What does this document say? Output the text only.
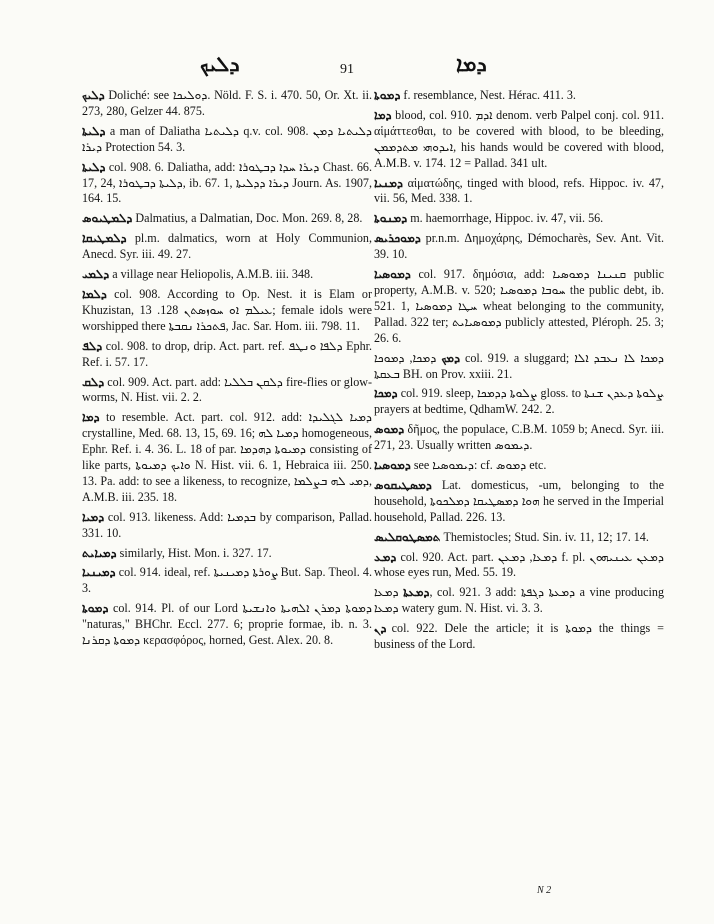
ܕܠܝܟ	91	ܕܡܐ
ܕܠܝܟ Doliché: see ܕܘܠܝܟܐ. Nöld. F. S. i. 470. 50, Or. Xt. ii. 273, 280, Gelzer 44. 875.
ܕܠܝܬܐ a man of Daliatha ܕܠܝܬܝܐ q.v. col. 908. ܕܠܝܬܝܐ ܕܡܢ ܕܝܪܐ Protection 54. 3.
ܕܠܝܬܐ col. 908. 6. Daliatha, add: ܕܝܪܐ ܚܕܐ ܕܒܛܘܪܐ Chast. 66. 17, 24, ܕܠܝܬܐ ܕܒܛܘܪܐ, ib. 67. 1, ܕܝܪܐ ܕܕܠܝܬܐ Journ. As. 1907, 164. 15.
ܕܠܡܛܝܘܣ Dalmatius, a Dalmatian, Doc. Mon. 269. 8, 28.
ܕܠܡܛܝܩܐ pl.m. dalmatics, worn at Holy Communion, Anecd. Syr. iii. 49. 27.
ܕܠܡܝ a village near Heliopolis, A.M.B. iii. 348.
ܕܠܡܐ col. 908. According to Op. Nest. it is Elam or Khuzistan, ܥܝܠܡ ܐܘ ܚܘܙܣܬܢ 128. 13; female idols were worshipped there ܦܬܟܪܐ ܢܩܒܬܐ, Jac. Sar. Hom. iii. 798. 11.
ܕܠܦ col. 908. to drop, drip. Act. part. ref. ܕܠܦܐ ܘܢܛܦ Ephr. Ref. i. 57. 17.
ܕܠܩ col. 909. Act. part. add: ܕܠܩܢ ܒܠܠܝܐ fire-flies or glow-worms, N. Hist. vii. 2. 2.
ܕܡܐ to resemble. Act. part. col. 912. add: ܕܡܝܐ ܠܓܠܝܕܐ crystalline, Med. 68. 13, 15, 69. 16; ܕܡܝܐ ܠܗ homogeneous, Ephr. Ref. i. 4. 36. L. 18 of par. ܕܡܝܘܬܐ ܕܗܕܡܐ consisting of like parts, ܘܐܝܟ ܕܡܝܘܬܐ N. Hist. vii. 6. 1, Hebraica iii. 250. 13. Pa. add: to see a likeness, to recognize, ܕܡܝ ܠܗ ܒܨܠܡܐ, A.M.B. iii. 235. 18.
ܕܡܝܐ col. 913. likeness. Add: ܒܕܡܝܐ by comparison, Pallad. 331. 10.
ܕܡܝܐܝܬ similarly, Hist. Mon. i. 327. 17.
ܕܡܝܢܝܐ col. 914. ideal, ref. ܨܘܪܬܐ ܕܡܝܢܝܬܐ But. Sap. Theol. 4. 3.
ܕܡܘܬܐ col. 914. Pl. of our Lord ܕܡܘܬܐ ܕܡܪܢ ܐܠܗܝܬܐ ܘܐܢܫܝܬܐ "naturas," BHChr. Eccl. 277. 6; proprie formae, ib. n. 3. ܕܡܘܬܐ ܕܩܪܢܐ κερασφόρος, horned, Gest. Alex. 20. 8.
ܕܡܘܬܐ f. resemblance, Nest. Hérac. 411. 3.
ܕܡܐ blood, col. 910. ܐܕܡ denom. verb Palpel conj. col. 911. αἱμάττεσθαι, to be covered with blood, to be bleeding, ܐܝܕܘܗܝ ܡܬܕܡܡܢ, his hands would be covered with blood, A.M.B. v. 174. 12 = Pallad. 341 ult.
ܕܡܢܝܐ αἱματώδης, tinged with blood, refs. Hippoc. iv. 47, vii. 56, Med. 338. 1.
ܕܡܢܘܬܐ m. haemorrhage, Hippoc. iv. 47, vii. 56.
ܕܡܘܟܪܝܣ pr.n.m. Δημοχάρης, Démocharès, Sev. Ant. Vit. 39. 10.
ܕܡܘܣܝܐ col. 917. δημόσια, add: ܩܢܝܢܐ ܕܡܘܣܝܐ public property, A.M.B. v. 520; ܚܘܒܐ ܕܡܘܣܝܐ the public debt, ib. 521. 1, ܚܛܐ ܕܡܘܣܝܐ wheat belonging to the community, Pallad. 322 ter; ܕܡܘܣܝܐܝܬ publicly attested, Pléroph. 25. 3; 26. 6.
ܕܡܟ ܕܡܟܐ, ܕܡܘܟܐ col. 919. a sluggard; ܕܡܟܐ ܠܐ ܢܥܒܕ ܐܠܐ ܒܥܩܬܐ BH. on Prov. xxiii. 21.
ܕܡܟܐ col. 919. sleep, ܨܠܘܬܐ ܕܕܡܟܐ gloss. to ܨܠܘܬܐ ܕܥܕܢ ܫܢܬܐ prayers at bedtime, QdhamW. 242. 2.
ܕܡܘܣ δῆμος, the populace, C.B.M. 1059 b; Anecd. Syr. iii. 271, 23. Usually written ܕܝܡܘܣ.
ܕܡܘܣܝܐ see ܕܝܡܘܣܝܐ: cf. ܕܡܘܣ etc.
ܕܡܣܛܝܩܘܣ Lat. domesticus, -um, belonging to the household, ܗܘܐ ܕܡܣܛܝܩܐ ܕܡܠܟܘܬܐ he served in the Imperial household, Pallad. 226. 13.
ܬܡܣܛܘܩܠܝܣ Themistocles; Stud. Sin. iv. 11, 12; 17. 14.
ܕܡܥ col. 920. Act. part. ܕܡܥܐ, ܕܡܥܢ f. pl. ܕܡܥܢ ܥܝܢܝܗܘܢ whose eyes run, Med. 55. 19.
ܕܡܥܬܐ ܕܡܥܐ, col. 921. 3 add: ܕܡܥܬܐ ܕܓܦܬܐ a vine producing ܕܡܥܐ watery gum. N. Hist. vi. 3. 3.
ܕܢ col. 922. Dele the article; it is ܕܡܘܬܐ the things = business of the Lord.
N 2
